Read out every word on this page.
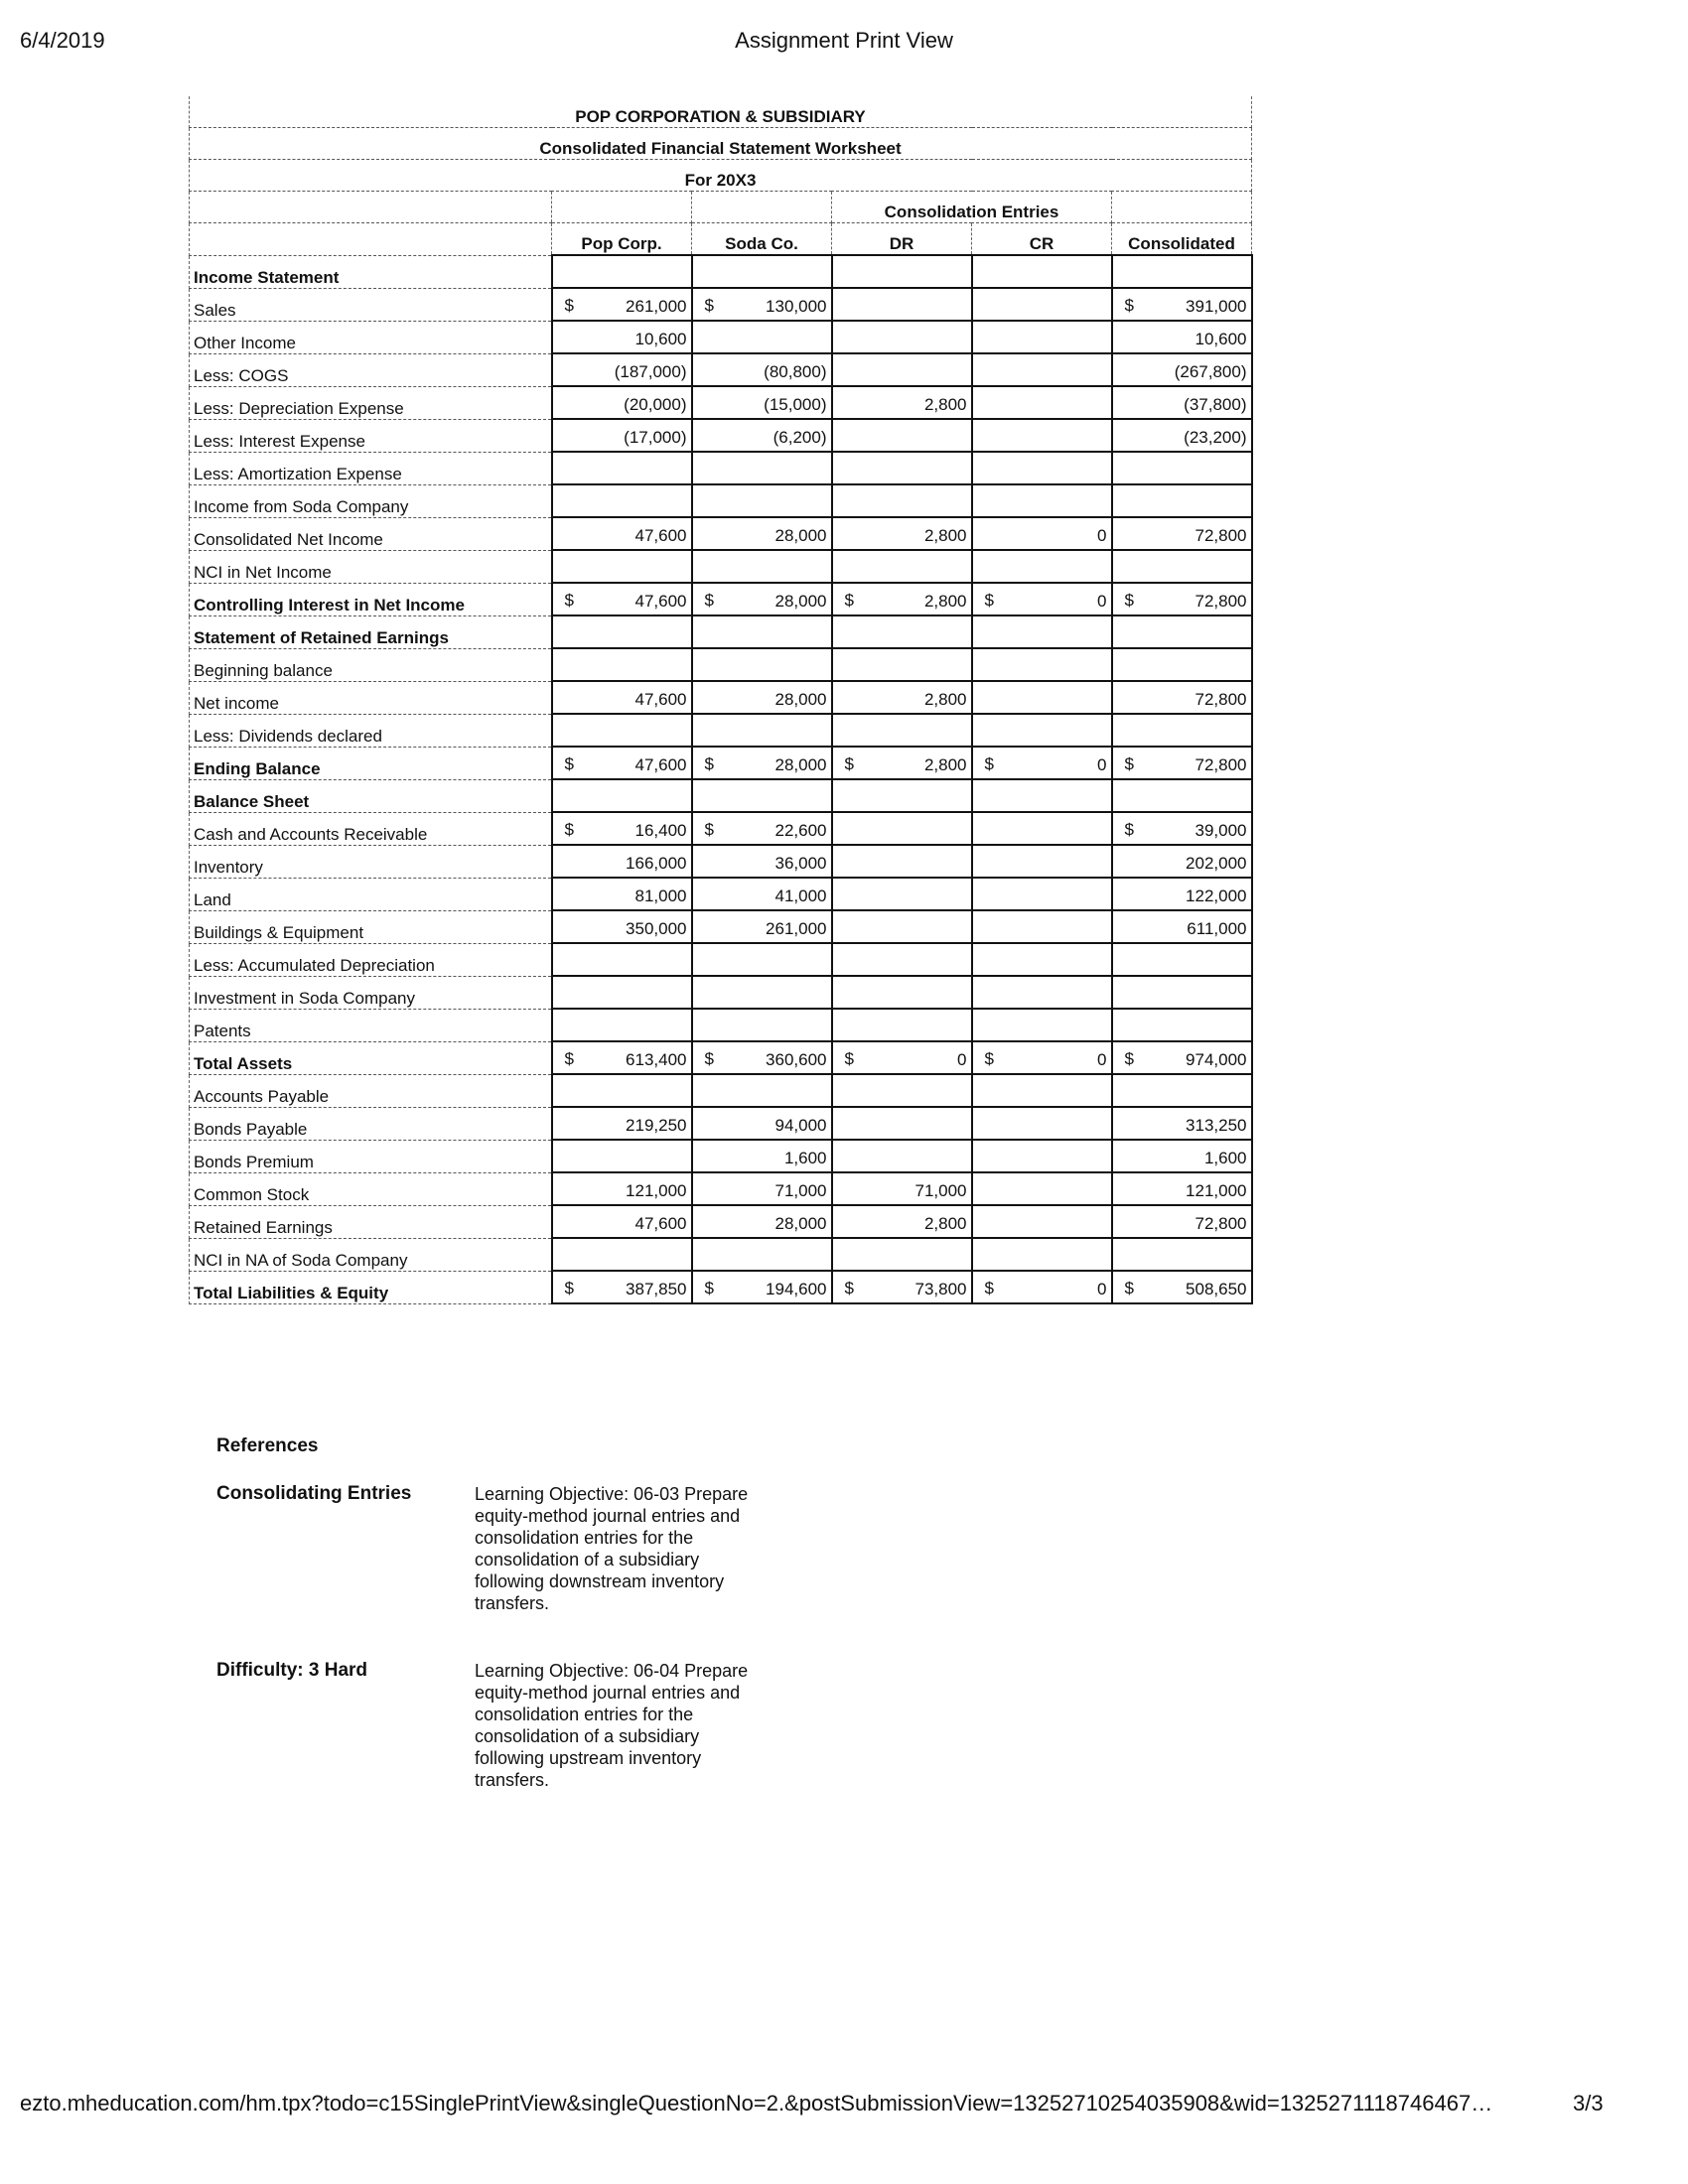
6/4/2019	Assignment Print View
POP CORPORATION & SUBSIDIARY					
Consolidated Financial Statement Worksheet					
For 20X3					
			Consolidation Entries		
	Pop Corp.	Soda Co.	DR	CR	Consolidated
Income Statement					
Sales	$ 261,000	$ 130,000			$ 391,000
Other Income	10,600				10,600
Less: COGS	(187,000)	(80,800)			(267,800)
Less: Depreciation Expense	(20,000)	(15,000)	2,800		(37,800)
Less: Interest Expense	(17,000)	(6,200)			(23,200)
Less: Amortization Expense					
Income from Soda Company					
Consolidated Net Income	47,600	28,000	2,800	0	72,800
NCI in Net Income					
Controlling Interest in Net Income	$ 47,600	$ 28,000	$ 2,800	$ 0	$ 72,800
Statement of Retained Earnings					
Beginning balance					
Net income	47,600	28,000	2,800		72,800
Less: Dividends declared					
Ending Balance	$ 47,600	$ 28,000	$ 2,800	$ 0	$ 72,800
Balance Sheet					
Cash and Accounts Receivable	$ 16,400	$ 22,600			$ 39,000
Inventory	166,000	36,000			202,000
Land	81,000	41,000			122,000
Buildings & Equipment	350,000	261,000			611,000
Less: Accumulated Depreciation					
Investment in Soda Company					
Patents					
Total Assets	$ 613,400	$ 360,600	$ 0	$ 0	$ 974,000
Accounts Payable					
Bonds Payable	219,250	94,000			313,250
Bonds Premium		1,600			1,600
Common Stock	121,000	71,000	71,000		121,000
Retained Earnings	47,600	28,000	2,800		72,800
NCI in NA of Soda Company					
Total Liabilities & Equity	$ 387,850	$ 194,600	$ 73,800	$ 0	$ 508,650
References
Consolidating Entries	Learning Objective: 06-03 Prepare equity-method journal entries and consolidation entries for the consolidation of a subsidiary following downstream inventory transfers.
Difficulty: 3 Hard	Learning Objective: 06-04 Prepare equity-method journal entries and consolidation entries for the consolidation of a subsidiary following upstream inventory transfers.
ezto.mheducation.com/hm.tpx?todo=c15SinglePrintView&singleQuestionNo=2.&postSubmissionView=13252710254035908&wid=13252711187464​67…	3/3
